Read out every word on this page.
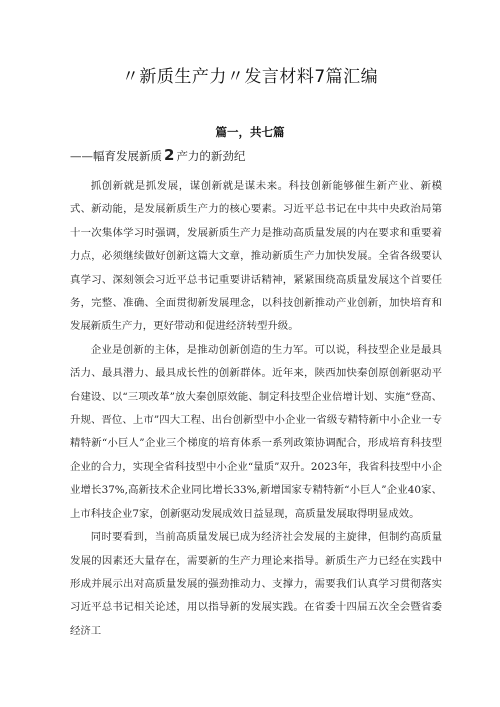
〃新质生产力〃发言材料7篇汇编
篇一，共七篇
——幅育发展新质 2 产力的新劲纪

抓创新就是抓发展，谋创新就是谋未来。科技创新能够催生新产业、新模式、新动能，是发展新质生产力的核心要素。习近平总书记在中共中央政治局第十一次集体学习时强调，发展新质生产力是推动高质量发展的内在要求和重要着力点，必须继续做好创新这篇大文章，推动新质生产力加快发展。全省各级要认真学习、深刻领会习近平总书记重要讲话精神，紧紧围绕高质量发展这个首要任务，完整、准确、全面贯彻新发展理念，以科技创新推动产业创新，加快培育和发展新质生产力，更好带动和促进经济转型升级。

企业是创新的主体，是推动创新创造的生力军。可以说，科技型企业是最具活力、最具潜力、最具成长性的创新群体。近年来，陕西加快秦创原创新驱动平台建设、以“三项改革”放大秦创原效能、制定科技型企业倍增计划、实施“登高、升规、晋位、上市”四大工程、出台创新型中小企业一省级专精特新中小企业一专精特新“小巨人”企业三个梯度的培育体系一系列政策协调配合，形成培育科技型企业的合力，实现全省科技型中小企业“量质”双升。2023年，我省科技型中小企业增长37%,高新技术企业同比增长33%,新增国家专精特新“小巨人”企业40家、上市科技企业7家，创新驱动发展成效日益显现，高质量发展取得明显成效。

同时要看到，当前高质量发展已成为经济社会发展的主旋律，但制约高质量发展的因素还大量存在，需要新的生产力理论来指导。新质生产力已经在实践中形成并展示出对高质量发展的强劲推动力、支撑力，需要我们认真学习贯彻落实习近平总书记相关论述，用以指导新的发展实践。在省委十四届五次全会暨省委经济工
